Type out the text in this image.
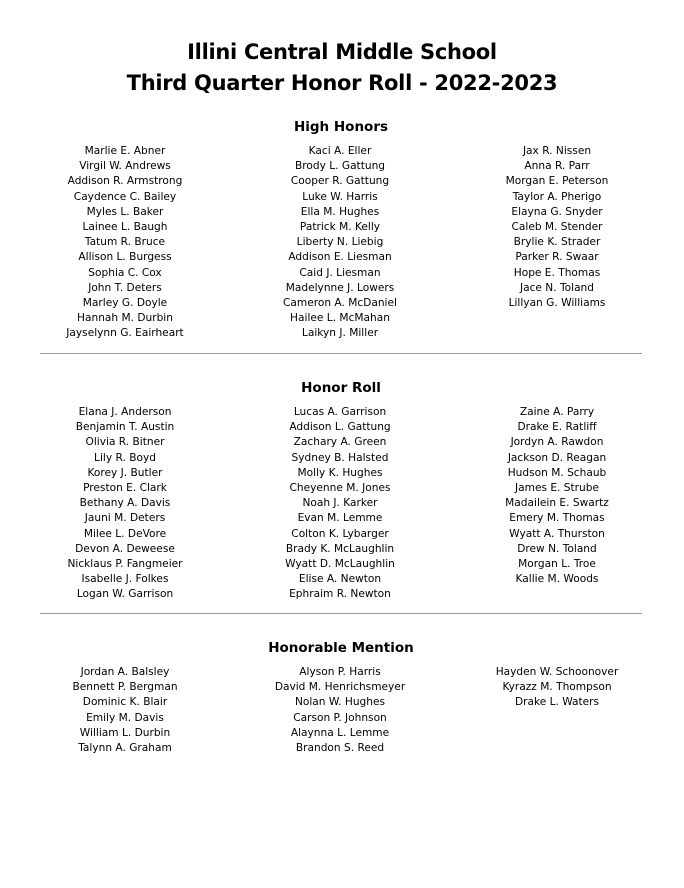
Illini Central Middle School
Third Quarter Honor Roll - 2022-2023
High Honors
Marlie E. Abner
Virgil W. Andrews
Addison R. Armstrong
Caydence C. Bailey
Myles L. Baker
Lainee L. Baugh
Tatum R. Bruce
Allison L. Burgess
Sophia C. Cox
John T. Deters
Marley G. Doyle
Hannah M. Durbin
Jayselynn G. Eairheart
Kaci A. Eller
Brody L. Gattung
Cooper R. Gattung
Luke W. Harris
Ella M. Hughes
Patrick M. Kelly
Liberty N. Liebig
Addison E. Liesman
Caid J. Liesman
Madelynne J. Lowers
Cameron A. McDaniel
Hailee L. McMahan
Laikyn J. Miller
Jax R. Nissen
Anna R. Parr
Morgan E. Peterson
Taylor A. Pherigo
Elayna G. Snyder
Caleb M. Stender
Brylie K. Strader
Parker R. Swaar
Hope E. Thomas
Jace N. Toland
Lillyan G. Williams
Honor Roll
Elana J. Anderson
Benjamin T. Austin
Olivia R. Bitner
Lily R. Boyd
Korey J. Butler
Preston E. Clark
Bethany A. Davis
Jauni M. Deters
Milee L. DeVore
Devon A. Deweese
Nicklaus P. Fangmeier
Isabelle J. Folkes
Logan W. Garrison
Lucas A. Garrison
Addison L. Gattung
Zachary A. Green
Sydney B. Halsted
Molly K. Hughes
Cheyenne M. Jones
Noah J. Karker
Evan M. Lemme
Colton K. Lybarger
Brady K. McLaughlin
Wyatt D. McLaughlin
Elise A. Newton
Ephraim R. Newton
Zaine A. Parry
Drake E. Ratliff
Jordyn A. Rawdon
Jackson D. Reagan
Hudson M. Schaub
James E. Strube
Madailein E. Swartz
Emery M. Thomas
Wyatt A. Thurston
Drew N. Toland
Morgan L. Troe
Kallie M. Woods
Honorable Mention
Jordan A. Balsley
Bennett P. Bergman
Dominic K. Blair
Emily M. Davis
William L. Durbin
Talynn A. Graham
Alyson P. Harris
David M. Henrichsmeyer
Nolan W. Hughes
Carson P. Johnson
Alaynna L. Lemme
Brandon S. Reed
Hayden W. Schoonover
Kyrazz M. Thompson
Drake L. Waters
